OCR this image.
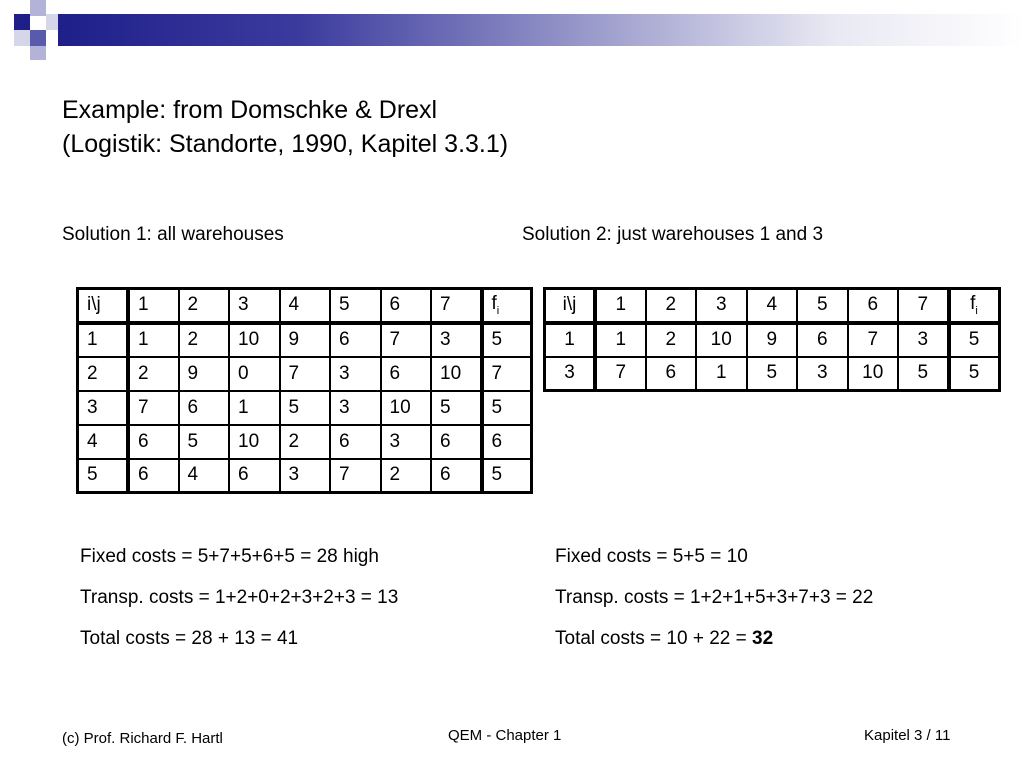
Example: from Domschke & Drexl
(Logistik: Standorte, 1990, Kapitel 3.3.1)
Solution 1: all warehouses	Solution 2: just warehouses 1 and 3
i\j	1	2	3	4	5	6	7	$f_i$
1	1	2	10	9	6	7	3	5
2	2	9	0	7	3	6	10	7
3	7	6	1	5	3	10	5	5
4	6	5	10	2	6	3	6	6
5	6	4	6	3	7	2	6	5
i\j	1	2	3	4	5	6	7	$f_i$
1	1	2	10	9	6	7	3	5
3	7	6	1	5	3	10	5	5
Fixed costs = 5+7+5+6+5 = 28 high
Transp. costs = 1+2+0+2+3+2+3 = 13
Total costs = 28 + 13 = 41
Fixed costs = 5+5 = 10
Transp. costs = 1+2+1+5+3+7+3 = 22
Total costs = 10 + 22 = 32
(c) Prof. Richard F. Hartl	QEM - Chapter 1	Kapitel 3 / 11
